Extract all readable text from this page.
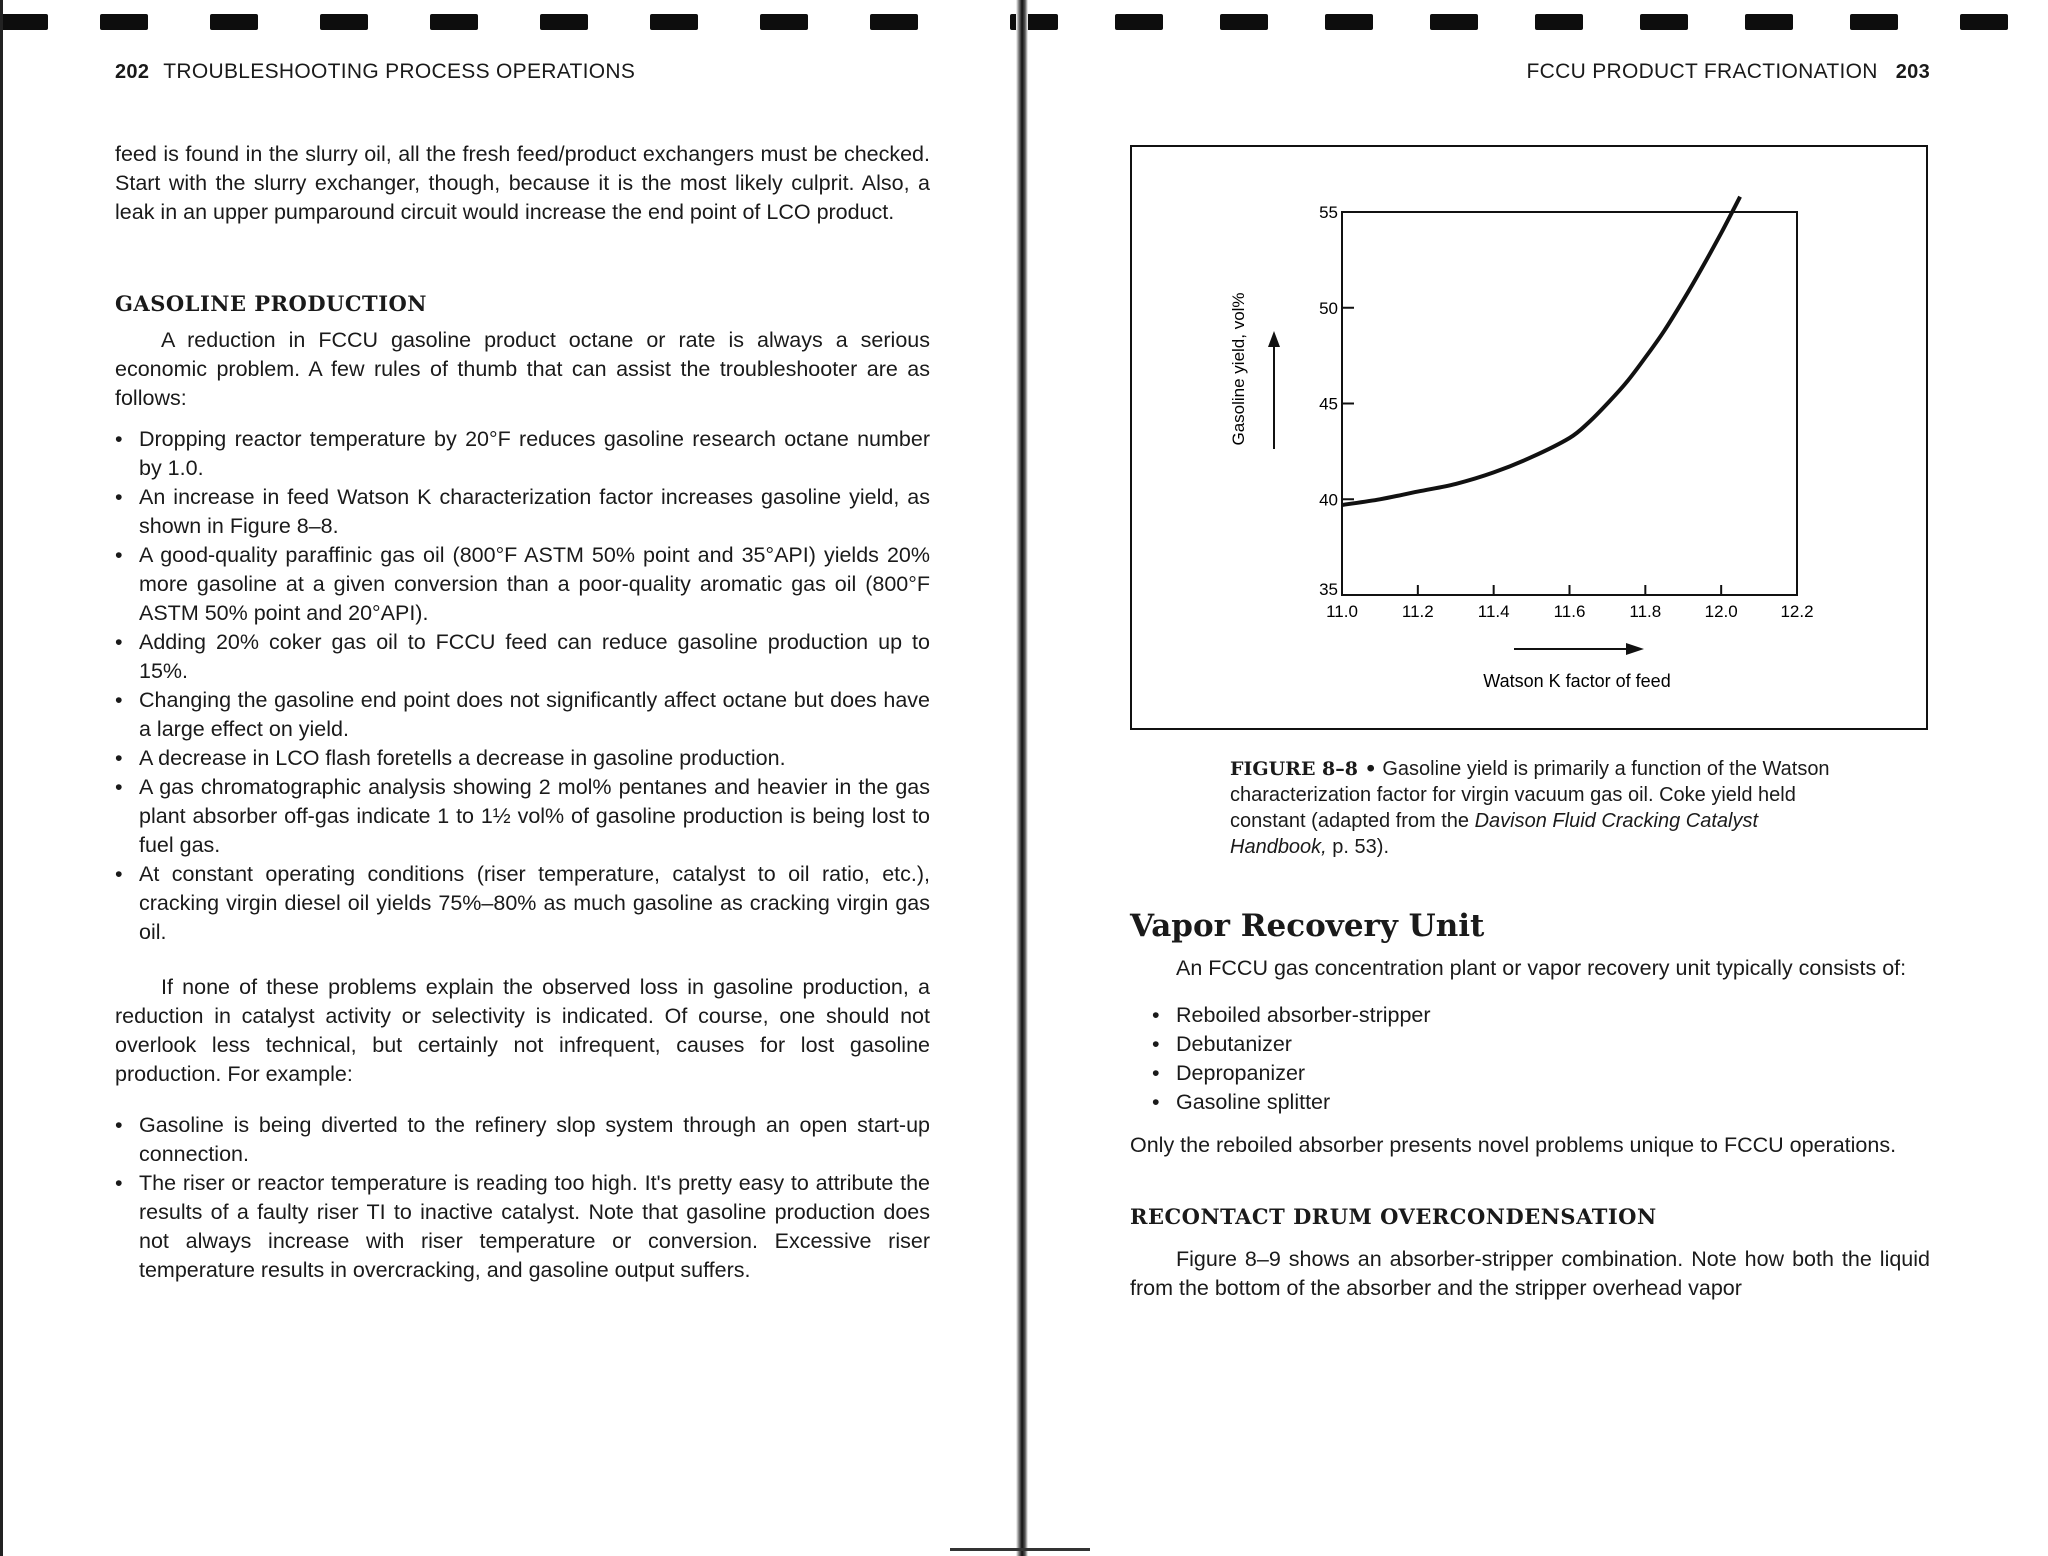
202 TROUBLESHOOTING PROCESS OPERATIONS

feed is found in the slurry oil, all the fresh feed/product exchangers must be checked. Start with the slurry exchanger, though, because it is the most likely culprit. Also, a leak in an upper pumparound circuit would increase the end point of LCO product.

GASOLINE PRODUCTION

A reduction in FCCU gasoline product octane or rate is always a serious economic problem. A few rules of thumb that can assist the troubleshooter are as follows:

• Dropping reactor temperature by 20°F reduces gasoline research octane number by 1.0.
• An increase in feed Watson K characterization factor increases gasoline yield, as shown in Figure 8–8.
• A good-quality paraffinic gas oil (800°F ASTM 50% point and 35°API) yields 20% more gasoline at a given conversion than a poor-quality aromatic gas oil (800°F ASTM 50% point and 20°API).
• Adding 20% coker gas oil to FCCU feed can reduce gasoline production up to 15%.
• Changing the gasoline end point does not significantly affect octane but does have a large effect on yield.
• A decrease in LCO flash foretells a decrease in gasoline production.
• A gas chromatographic analysis showing 2 mol% pentanes and heavier in the gas plant absorber off-gas indicate 1 to 1½ vol% of gasoline production is being lost to fuel gas.
• At constant operating conditions (riser temperature, catalyst to oil ratio, etc.), cracking virgin diesel oil yields 75%–80% as much gasoline as cracking virgin gas oil.

If none of these problems explain the observed loss in gasoline production, a reduction in catalyst activity or selectivity is indicated. Of course, one should not overlook less technical, but certainly not infrequent, causes for lost gasoline production. For example:

• Gasoline is being diverted to the refinery slop system through an open start-up connection.
• The riser or reactor temperature is reading too high. It's pretty easy to attribute the results of a faulty riser TI to inactive catalyst. Note that gasoline production does not always increase with riser temperature or conversion. Excessive riser temperature results in overcracking, and gasoline output suffers.
FCCU PRODUCT FRACTIONATION 203
11.0	11.2	11.4	11.6	11.8	12.0	12.2
35
40
45
50
55
Gasoline yield, vol%
Watson K factor of feed

FIGURE 8–8 • Gasoline yield is primarily a function of the Watson characterization factor for virgin vacuum gas oil. Coke yield held constant (adapted from the Davison Fluid Cracking Catalyst Handbook, p. 53).

Vapor Recovery Unit

An FCCU gas concentration plant or vapor recovery unit typically consists of:

• Reboiled absorber-stripper
• Debutanizer
• Depropanizer
• Gasoline splitter

Only the reboiled absorber presents novel problems unique to FCCU operations.

RECONTACT DRUM OVERCONDENSATION

Figure 8–9 shows an absorber-stripper combination. Note how both the liquid from the bottom of the absorber and the stripper overhead vapor
